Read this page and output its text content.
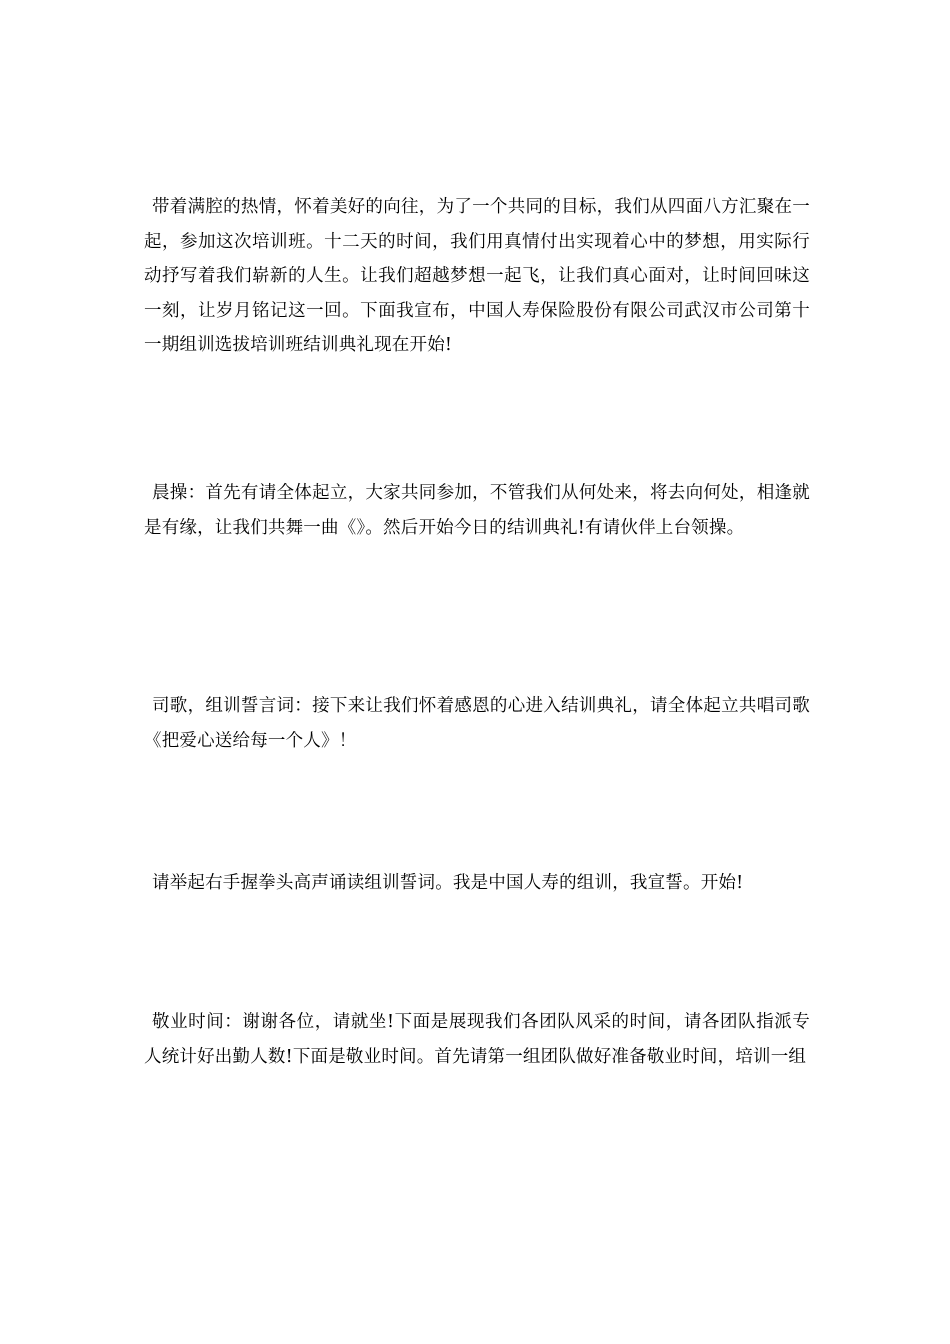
带着满腔的热情，怀着美好的向往，为了一个共同的目标，我们从四面八方汇聚在一起，参加这次培训班。十二天的时间，我们用真情付出实现着心中的梦想，用实际行动抒写着我们崭新的人生。让我们超越梦想一起飞，让我们真心面对，让时间回味这一刻，让岁月铭记这一回。下面我宣布，中国人寿保险股份有限公司武汉市公司第十一期组训选拔培训班结训典礼现在开始!

晨操：首先有请全体起立，大家共同参加，不管我们从何处来，将去向何处，相逢就是有缘，让我们共舞一曲《》。然后开始今日的结训典礼!有请伙伴上台领操。

司歌，组训誓言词：接下来让我们怀着感恩的心进入结训典礼，请全体起立共唱司歌《把爱心送给每一个人》！

请举起右手握拳头高声诵读组训誓词。我是中国人寿的组训，我宣誓。开始!

敬业时间：谢谢各位，请就坐!下面是展现我们各团队风采的时间，请各团队指派专人统计好出勤人数!下面是敬业时间。首先请第一组团队做好准备敬业时间，培训一组
